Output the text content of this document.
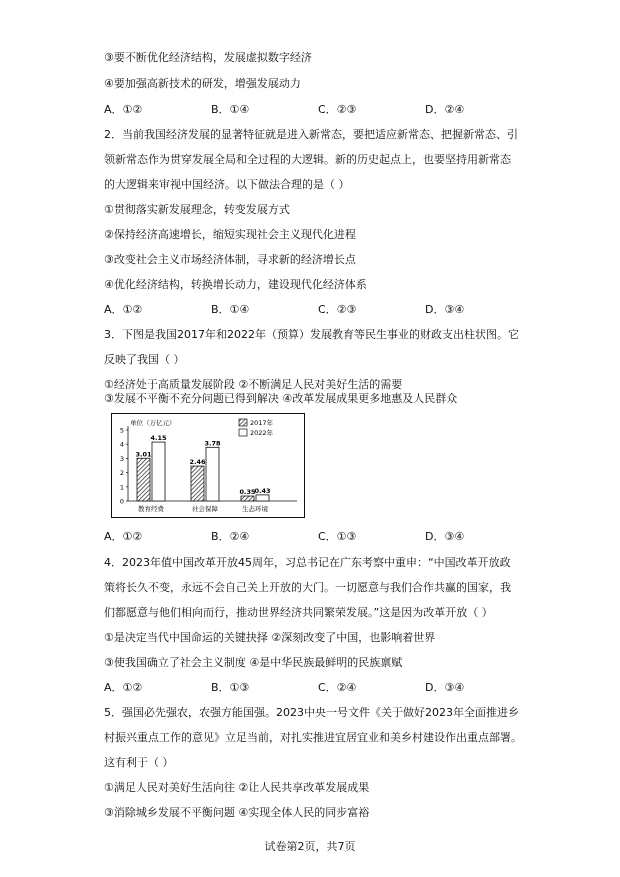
③要不断优化经济结构，发展虚拟数字经济
④要加强高新技术的研发，增强发展动力
A．①②	B．①④	C．②③	D．②④
2．当前我国经济发展的显著特征就是进入新常态，要把适应新常态、把握新常态、引
领新常态作为贯穿发展全局和全过程的大逻辑。新的历史起点上，也要坚持用新常态
的大逻辑来审视中国经济。以下做法合理的是（ ）
①贯彻落实新发展理念，转变发展方式
②保持经济高速增长，缩短实现社会主义现代化进程
③改变社会主义市场经济体制，寻求新的经济增长点
④优化经济结构，转换增长动力，建设现代化经济体系
A．①②	B．①④	C．②③	D．③④
3．下图是我国2017年和2022年（预算）发展教育等民生事业的财政支出柱状图。它
反映了我国（ ）
①经济处于高质量发展阶段 ②不断满足人民对美好生活的需要
③发展不平衡不充分问题已得到解决 ④改革发展成果更多地惠及人民群众
0
1
2
3
4
5
单位（万亿元）	2017年
2022年
3.01
4.15
教育经费
2.46
3.78
社会保障
0.35
0.43
生态环境
A．①②	B．②④	C．①③	D．③④
4．2023年值中国改革开放45周年，习总书记在广东考察中重申：“中国改革开放政
策将长久不变，永远不会自己关上开放的大门。一切愿意与我们合作共赢的国家，我
们都愿意与他们相向而行，推动世界经济共同繁荣发展。”这是因为改革开放（ ）
①是决定当代中国命运的关键抉择 ②深刻改变了中国，也影响着世界
③使我国确立了社会主义制度 ④是中华民族最鲜明的民族禀赋
A．①②	B．①③	C．②④	D．③④
5．强国必先强农，农强方能国强。2023中央一号文件《关于做好2023年全面推进乡
村振兴重点工作的意见》立足当前，对扎实推进宜居宜业和美乡村建设作出重点部署。
这有利于（ ）
①满足人民对美好生活向往 ②让人民共享改革发展成果
③消除城乡发展不平衡问题 ④实现全体人民的同步富裕
试卷第2页，共7页
